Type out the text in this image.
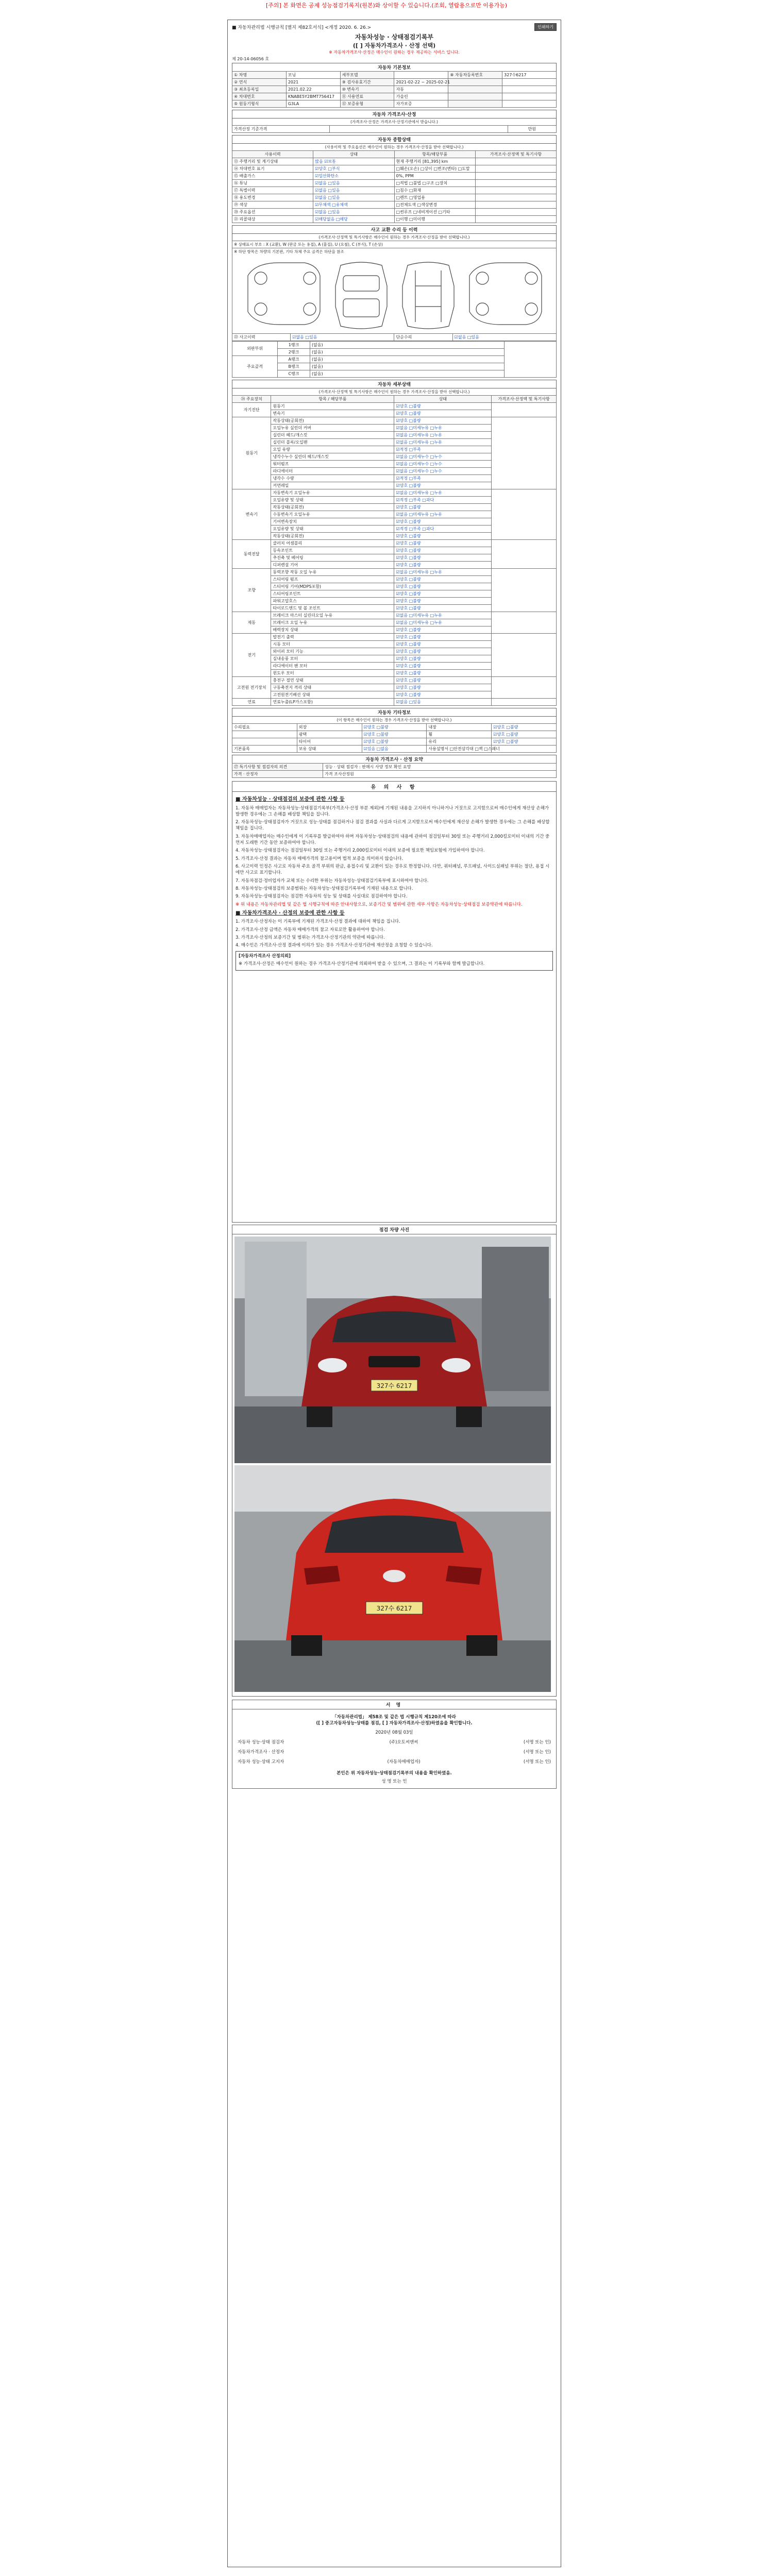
[주의] 본 화면은 공제 성능점검기록지(원본)와 상이할 수 있습니다.(조회, 열람용으로만 이용가능)
■ 자동차관리법 시행규칙 [별지 제82호서식] <개정 2020. 6. 26.>	인쇄하기
자동차성능 · 상태점검기록부
([ ] 자동차가격조사 · 산정 선택)
※ 자동차가격조사·산정은 매수인이 원하는 경우 제공하는 서비스 입니다.
제 20-14-06056 호
자동차 기본정보
① 차명	모닝	세부모델		⑧ 자동차등록번호	327수6217
② 연식	2021	⑨ 검사유효기간	2021-02-22 ~ 2025-02-21		
③ 최초등록일	2021.02.22	⑩ 변속기	자동		
④ 차대번호	KNABE5Y2BMT756417	⑪ 사용연료	가솔린		
⑤ 원동기형식	G3LA	⑫ 보증유형	자가보증		
자동차 가격조사·산정
(가격조사·산정은 가격조사·산정기관에서 받습니다.)
가격산정 기준가격		만원
자동차 종합상태
(사용이력 및 주요옵션은 매수인이 원하는 경우 가격조사·산정을 받아 선택합니다.)
사용이력	상태	항목/해당부품	가격조사·산정액 및 특기사항
⑬ 주행거리 및 계기상태	많음 ☑보통	현재 주행거리 [81,395] km	
⑭ 차대번호 표기	☑양호 □부식	□훼손(오손) □상이 □변조(변타) □도말	
⑮ 배출가스	☑일산화탄소	0%, PPM	
⑯ 튜닝	☑없음 □있음	□적법 □불법 □구조 □장치	
⑰ 특별이력	☑없음 □있음	□침수 □화재	
⑱ 용도변경	☑없음 □있음	□렌트 □영업용	
⑲ 색상	☑무채색 □유채색	□전체도색 □색상변경	
⑳ 주요옵션	☑없음 □있음	□썬루프 □네비게이션 □기타	
㉑ 리콜대상	☑해당없음 □해당	□이행 □미이행	
사고 교환 수리 등 이력
(가격조사·산정액 및 특기사항은 매수인이 원하는 경우 가격조사·산정을 받아 선택합니다.)
※ 상태표시 부호 : X (교환), W (판금 또는 용접), A (흠집), U (요철), C (부식), T (손상)
※ 하단 항목은 차량의 기본판, 기타 차체 주요 골격은 하단을 참조
㉒ 사고이력	☑없음 □있음	단순수리	☑없음 □있음
외판부위	1랭크	(없음)	
	2랭크	(없음)	
주요골격	A랭크	(없음)	
	B랭크	(없음)	
	C랭크	(없음)	
자동차 세부상태
(가격조사·산정액 및 특기사항은 매수인이 원하는 경우 가격조사·산정을 받아 선택합니다.)
㉔ 주요장치	항목 / 해당부품	상태	가격조사·산정액 및 특기사항
자기진단	원동기	☑양호 □불량	
	변속기	☑양호 □불량	
원동기	작동상태(공회전)	☑양호 □불량	
	오일누유 실린더 커버	☑없음 □미세누유 □누유	
	실린더 헤드/개스킷	☑없음 □미세누유 □누유	
	실린더 블록/오일팬	☑없음 □미세누유 □누유	
	오일 유량	☑적정 □부족	
	냉각수누수 실린더 헤드/개스킷	☑없음 □미세누수 □누수	
	워터펌프	☑없음 □미세누수 □누수	
	라디에이터	☑없음 □미세누수 □누수	
	냉각수 수량	☑적정 □부족	
	커먼레일	☑양호 □불량	
변속기	자동변속기 오일누유	☑없음 □미세누유 □누유	
	오일유량 및 상태	☑적정 □부족 □과다	
	작동상태(공회전)	☑양호 □불량	
	수동변속기 오일누유	☑없음 □미세누유 □누유	
	기어변속장치	☑양호 □불량	
	오일유량 및 상태	☑적정 □부족 □과다	
	작동상태(공회전)	☑양호 □불량	
동력전달	클러치 어셈블리	☑양호 □불량	
	등속조인트	☑양호 □불량	
	추진축 및 베어링	☑양호 □불량	
	디퍼렌셜 기어	☑양호 □불량	
조향	동력조향 작동 오일 누유	☑없음 □미세누유 □누유	
	스티어링 펌프	☑양호 □불량	
	스티어링 기어(MDPS포함)	☑양호 □불량	
	스티어링조인트	☑양호 □불량	
	파워고압호스	☑양호 □불량	
	타이로드엔드 및 볼 조인트	☑양호 □불량	
제동	브레이크 마스터 실린더오일 누유	☑없음 □미세누유 □누유	
	브레이크 오일 누유	☑없음 □미세누유 □누유	
	배력장치 상태	☑양호 □불량	
전기	발전기 출력	☑양호 □불량	
	시동 모터	☑양호 □불량	
	와이퍼 모터 기능	☑양호 □불량	
	실내송풍 모터	☑양호 □불량	
	라디에이터 팬 모터	☑양호 □불량	
	윈도우 모터	☑양호 □불량	
고전원 전기장치	충전구 절연 상태	☑양호 □불량	
	구동축전지 격리 상태	☑양호 □불량	
	고전원전기배선 상태	☑양호 □불량	
연료	연료누출(LP가스포함)	☑없음 □있음	
자동차 기타정보
(이 항목은 매수인이 원하는 경우 가격조사·산정을 받아 선택합니다.)
수리필요	외장	☑양호 □불량	내장	☑양호 □불량
	광택	☑양호 □불량	휠	☑양호 □불량
	타이어	☑양호 □불량	유리	☑양호 □불량
기본품목	보유 상태	☑있음 □없음	사용설명서 □안전삼각대 □잭 □스패너	
자동차 가격조사 · 산정 요약
㉗ 특기사항 및 점검자의 의견	성능 · 상태 점검자 : 판매시 사양 정보 확인 요망
가격 · 산정자	가격 조사산정원
유 의 사 항
■ 자동차성능 · 상태점검의 보증에 관한 사항 등

1. 자동차 매매업자는 자동차성능·상태점검기록부(가격조사·산정 부분 제외)에 기재된 내용을 고지하지 아니하거나 거짓으로 고지함으로써 매수인에게 재산상 손해가 발생한 경우에는 그 손해를 배상할 책임을 집니다.

2. 자동차성능·상태점검자가 거짓으로 성능·상태를 점검하거나 점검 결과를 사실과 다르게 고지함으로써 매수인에게 재산상 손해가 발생한 경우에는 그 손해를 배상할 책임을 집니다.

3. 자동차매매업자는 매수인에게 이 기록부를 발급하여야 하며 자동차성능·상태점검의 내용에 관하여 점검일부터 30일 또는 주행거리 2,000킬로미터 이내의 기간 중 먼저 도래한 기간 동안 보증하여야 합니다.

4. 자동차성능·상태점검자는 점검일부터 30일 또는 주행거리 2,000킬로미터 이내의 보증에 필요한 책임보험에 가입하여야 합니다.

5. 가격조사·산정 결과는 자동차 매매가격의 참고용이며 법적 보증을 의미하지 않습니다.

6. 사고이력 인정은 사고로 자동차 주요 골격 부위의 판금, 용접수리 및 교환이 있는 경우로 한정합니다. 다만, 쿼터패널, 루프패널, 사이드실패널 부위는 절단, 용접 시에만 사고로 표기합니다.

7. 자동차점검·정비업자가 교체 또는 수리한 부위는 자동차성능·상태점검기록부에 표시하여야 합니다.

8. 자동차성능·상태점검의 보증범위는 자동차성능·상태점검기록부에 기재된 내용으로 합니다.

9. 자동차성능·상태점검자는 점검한 자동차의 성능 및 상태를 사실대로 점검하여야 합니다.

※ 위 내용은 자동차관리법 및 같은 법 시행규칙에 따른 안내사항으로, 보증기간 및 범위에 관한 세부 사항은 자동차성능·상태점검 보증약관에 따릅니다.

■ 자동차가격조사 · 산정의 보증에 관한 사항 등

1. 가격조사·산정자는 이 기록부에 기재된 가격조사·산정 결과에 대하여 책임을 집니다.

2. 가격조사·산정 금액은 자동차 매매가격의 참고 자료로만 활용하여야 합니다.

3. 가격조사·산정의 보증기간 및 범위는 가격조사·산정기관의 약관에 따릅니다.

4. 매수인은 가격조사·산정 결과에 이의가 있는 경우 가격조사·산정기관에 재산정을 요청할 수 있습니다.

[자동차가격조사 산정의뢰]

※ 가격조사·산정은 매수인이 원하는 경우 가격조사·산정기관에 의뢰하여 받을 수 있으며, 그 결과는 이 기록부와 함께 발급합니다.

점검 차량 사진
327수 6217
327수 6217
서 명

「자동차관리법」 제58조 및 같은 법 시행규칙 제120조에 따라

([ ] 중고자동차성능·상태를 점검, [ ] 자동차가격조사·산정)하였음을 확인합니다.

2020년 08월 03일

자동차 성능·상태 점검자	(주)오토씨앤씨	(서명 또는 인)
자동차가격조사 · 산정자	(서명 또는 인)
자동차 성능·상태 고지자	(자동차매매업자)	(서명 또는 인)

본인은 위 자동차성능·상태점검기록부의 내용을 확인하였음.

성 명 또는 인
